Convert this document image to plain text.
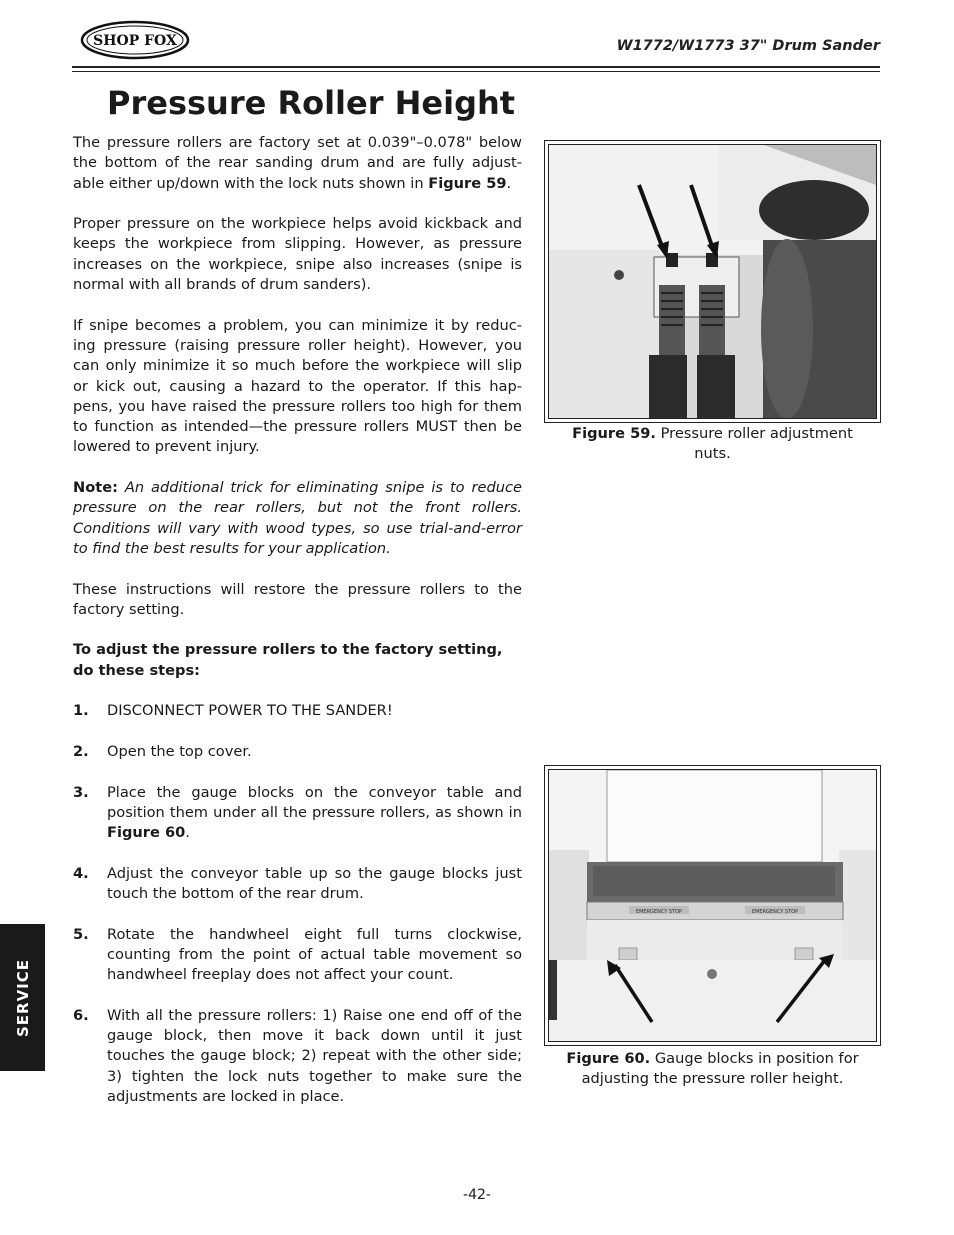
SHOP FOX	W1772/W1773 37" Drum Sander
Pressure Roller Height

The pressure rollers are factory set at 0.039"–0.078" below the bottom of the rear sanding drum and are fully adjust-able either up/down with the lock nuts shown in Figure 59.

Proper pressure on the workpiece helps avoid kickback and keeps the workpiece from slipping. However, as pressure increases on the workpiece, snipe also increases (snipe is normal with all brands of drum sanders).

If snipe becomes a problem, you can minimize it by reduc-ing pressure (raising pressure roller height). However, you can only minimize it so much before the workpiece will slip or kick out, causing a hazard to the operator. If this hap-pens, you have raised the pressure rollers too high for them to function as intended—the pressure rollers MUST then be lowered to prevent injury.

Note: An additional trick for eliminating snipe is to reduce pressure on the rear rollers, but not the front rollers. Conditions will vary with wood types, so use trial-and-error to find the best results for your application.

These instructions will restore the pressure rollers to the factory setting.

To adjust the pressure rollers to the factory setting, do these steps:

1.	DISCONNECT POWER TO THE SANDER!
2.	Open the top cover.
3.	Place the gauge blocks on the conveyor table and position them under all the pressure rollers, as shown in Figure 60.
4.	Adjust the conveyor table up so the gauge blocks just touch the bottom of the rear drum.
5.	Rotate the handwheel eight full turns clockwise, counting from the point of actual table movement so handwheel freeplay does not affect your count.
6.	With all the pressure rollers: 1) Raise one end off of the gauge block, then move it back down until it just touches the gauge block; 2) repeat with the other side; 3) tighten the lock nuts together to make sure the adjustments are locked in place.
Figure 59. Pressure roller adjustment nuts.
EMERGENCY STOP	EMERGENCY STOP
Figure 60. Gauge blocks in position for adjusting the pressure roller height.
SERVICE
-42-
